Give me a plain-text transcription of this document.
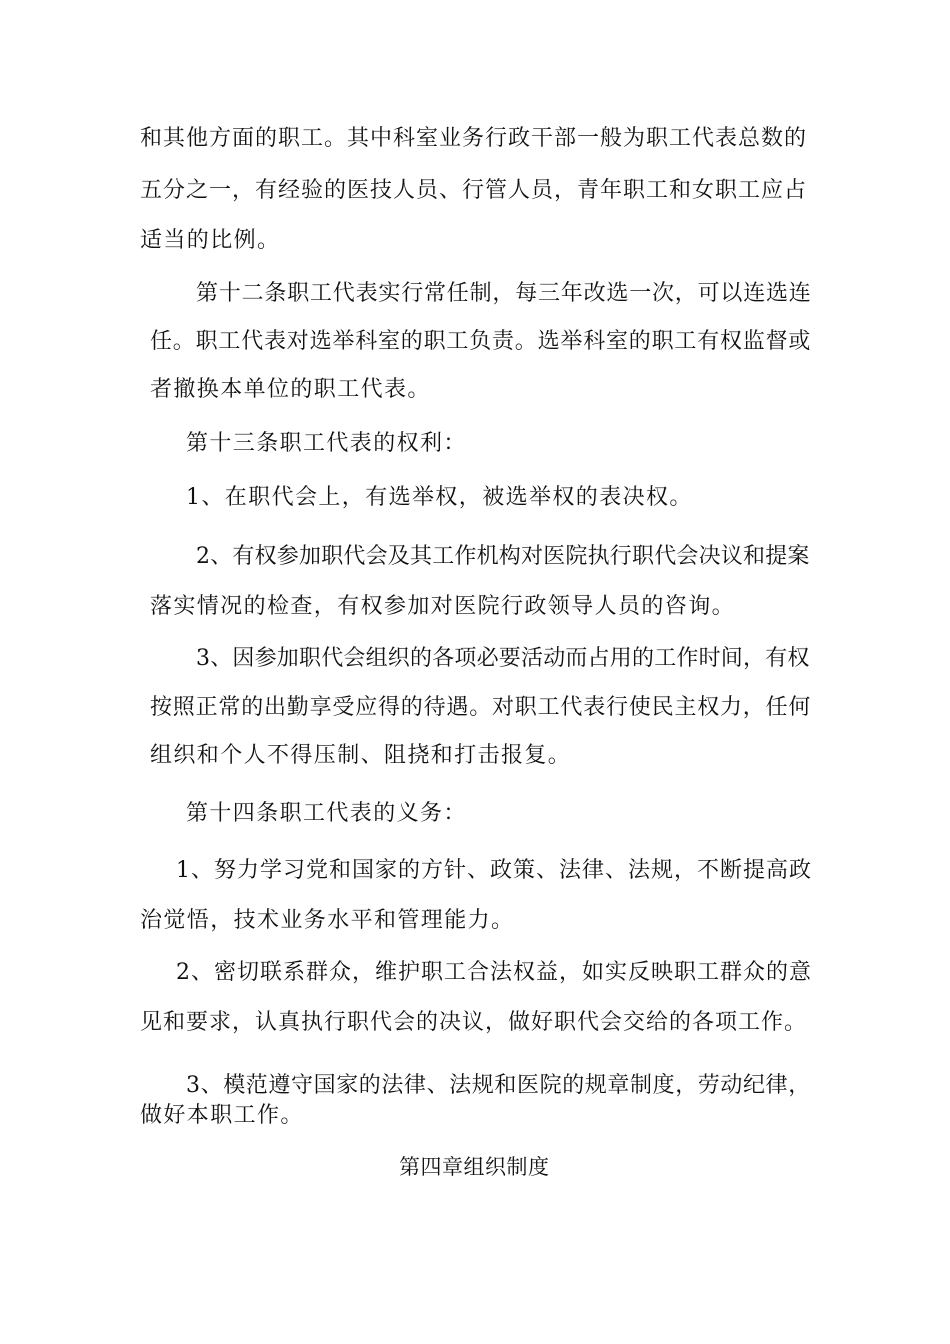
和其他方面的职工。其中科室业务行政干部一般为职工代表总数的
五分之一，有经验的医技人员、行管人员，青年职工和女职工应占
适当的比例。
第十二条职工代表实行常任制，每三年改选一次，可以连选连
任。职工代表对选举科室的职工负责。选举科室的职工有权监督或
者撤换本单位的职工代表。
第十三条职工代表的权利：
1、在职代会上，有选举权，被选举权的表决权。
2、有权参加职代会及其工作机构对医院执行职代会决议和提案
落实情况的检查，有权参加对医院行政领导人员的咨询。
3、因参加职代会组织的各项必要活动而占用的工作时间，有权
按照正常的出勤享受应得的待遇。对职工代表行使民主权力，任何
组织和个人不得压制、阻挠和打击报复。
第十四条职工代表的义务：
1、努力学习党和国家的方针、政策、法律、法规，不断提高政
治觉悟，技术业务水平和管理能力。
2、密切联系群众，维护职工合法权益，如实反映职工群众的意
见和要求，认真执行职代会的决议，做好职代会交给的各项工作。
3、模范遵守国家的法律、法规和医院的规章制度，劳动纪律，
做好本职工作。
第四章组织制度
